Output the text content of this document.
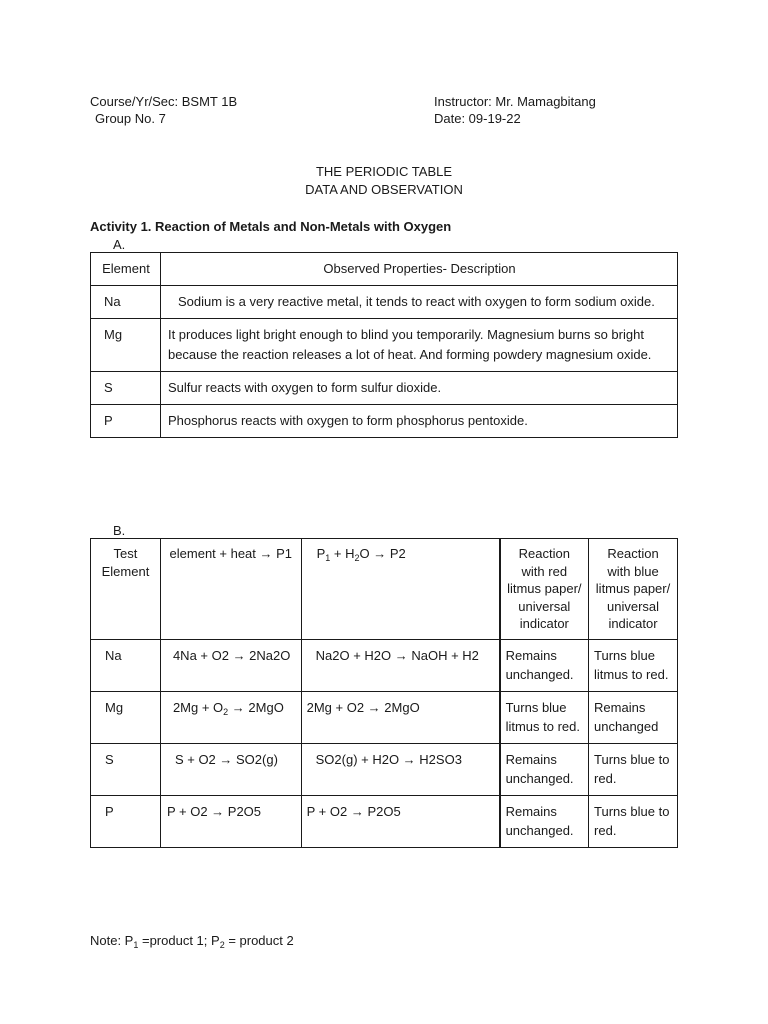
Course/Yr/Sec: BSMT 1B
Group No. 7
Instructor: Mr. Mamagbitang
Date: 09-19-22
THE PERIODIC TABLE
DATA AND OBSERVATION
Activity 1. Reaction of Metals and Non-Metals with Oxygen
A.
Element	Observed Properties- Description
Na	Sodium is a very reactive metal, it tends to react with oxygen to form sodium oxide.
Mg	It produces light bright enough to blind you temporarily. Magnesium burns so bright because the reaction releases a lot of heat. And forming powdery magnesium oxide.
S	Sulfur reacts with oxygen to form sulfur dioxide.
P	Phosphorus reacts with oxygen to form phosphorus pentoxide.
B.
Test Element	element + heat → P1	$P_1 + H_2O \to P2$	Reaction with red litmus paper/ universal indicator	Reaction with blue litmus paper/ universal indicator
Na	4Na + O2 → 2Na2O	Na2O + H2O → NaOH + H2	Remains unchanged.	Turns blue litmus to red.
Mg	$2Mg + O_2 \to 2MgO$	2Mg + O2 → 2MgO	Turns blue litmus to red.	Remains unchanged
S	S + O2 → SO2(g)	SO2(g) + H2O → H2SO3	Remains unchanged.	Turns blue to red.
P	P + O2 → P2O5	P + O2 → P2O5	Remains unchanged.	Turns blue to red.
Note: $P_1$ =product 1; $P_2$ = product 2
